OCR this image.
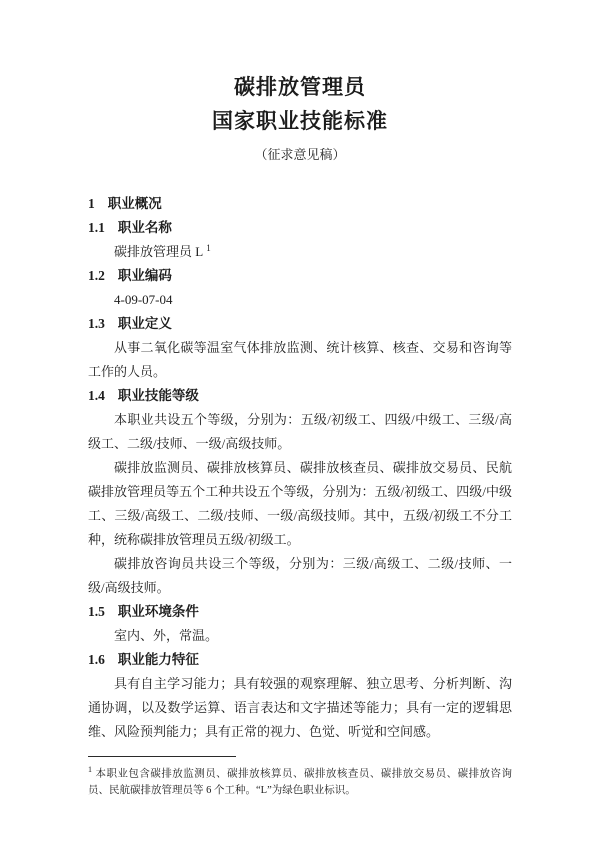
碳排放管理员
国家职业技能标准
（征求意见稿）

1 职业概况

1.1 职业名称

碳排放管理员 L $^1$

1.2 职业编码

4-09-07-04

1.3 职业定义

从事二氧化碳等温室气体排放监测、统计核算、核查、交易和咨询等工作的人员。

1.4 职业技能等级

本职业共设五个等级，分别为：五级/初级工、四级/中级工、三级/高级工、二级/技师、一级/高级技师。

碳排放监测员、碳排放核算员、碳排放核查员、碳排放交易员、民航碳排放管理员等五个工种共设五个等级，分别为：五级/初级工、四级/中级工、三级/高级工、二级/技师、一级/高级技师。其中，五级/初级工不分工种，统称碳排放管理员五级/初级工。

碳排放咨询员共设三个等级，分别为：三级/高级工、二级/技师、一级/高级技师。

1.5 职业环境条件

室内、外，常温。

1.6 职业能力特征

具有自主学习能力；具有较强的观察理解、独立思考、分析判断、沟通协调，以及数学运算、语言表达和文字描述等能力；具有一定的逻辑思维、风险预判能力；具有正常的视力、色觉、听觉和空间感。

$^1$ 本职业包含碳排放监测员、碳排放核算员、碳排放核查员、碳排放交易员、碳排放咨询员、民航碳排放管理员等 6 个工种。“L”为绿色职业标识。
